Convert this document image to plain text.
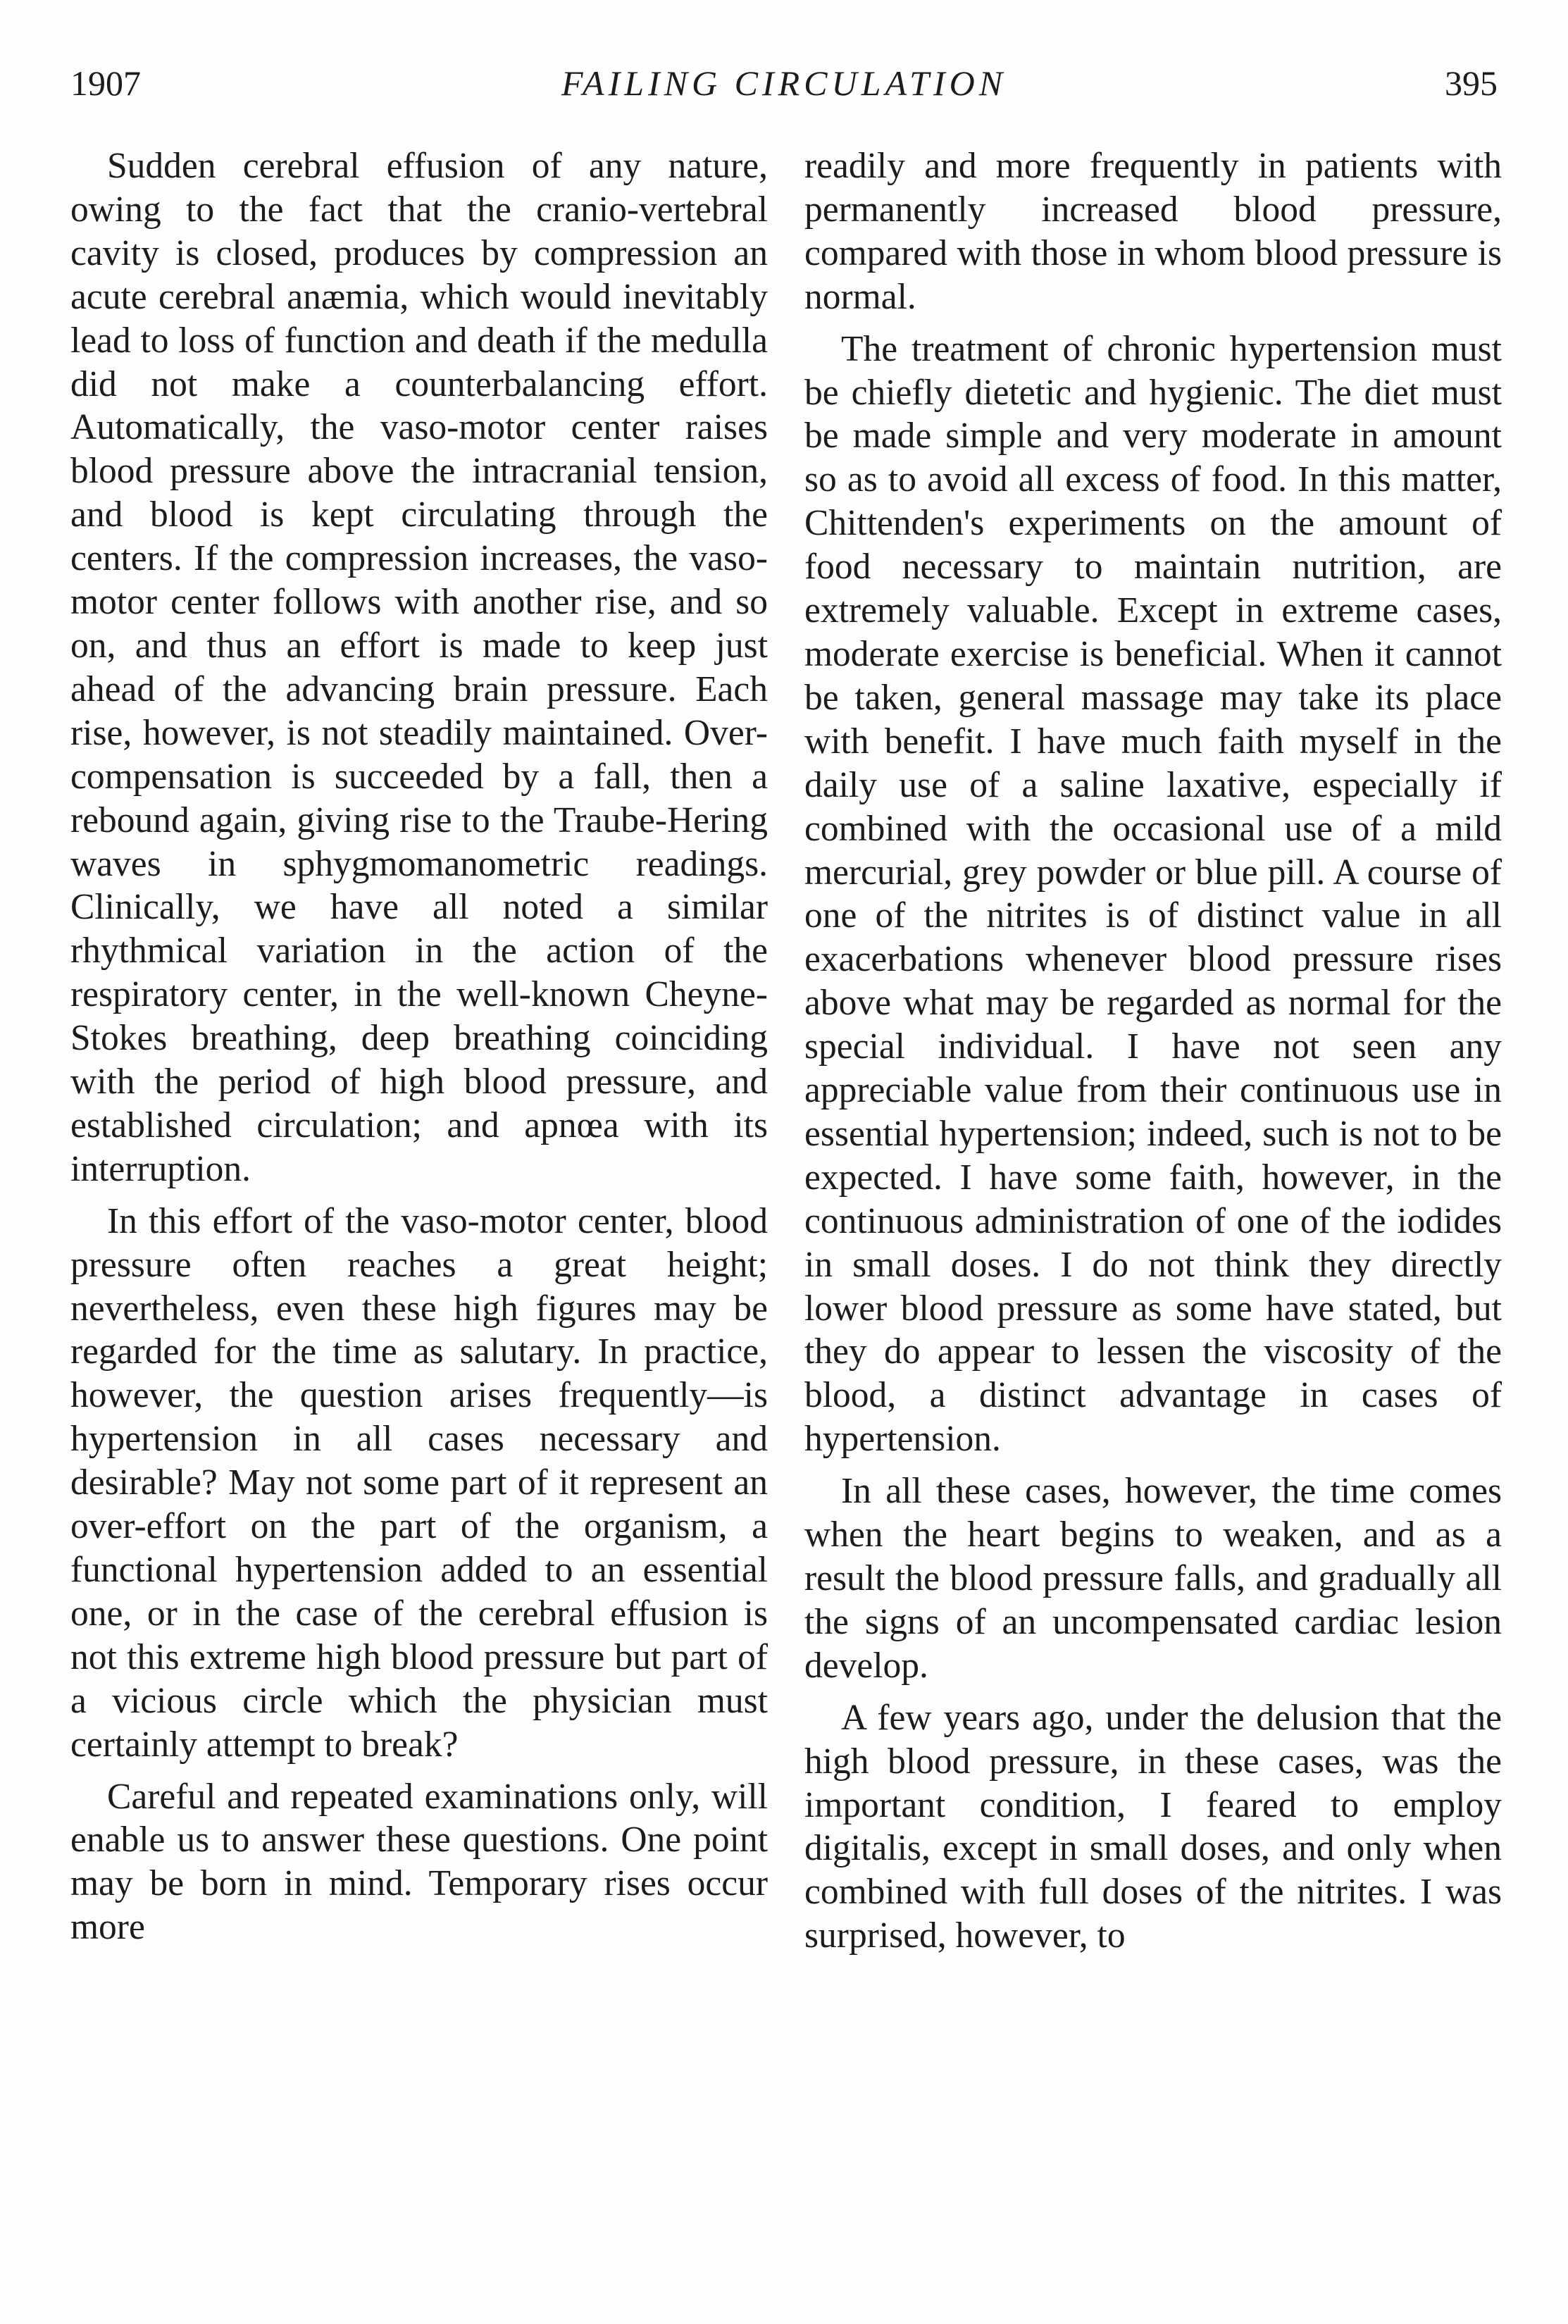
1907	FAILING CIRCULATION	395

Sudden cerebral effusion of any nature, owing to the fact that the cranio-vertebral cavity is closed, produces by compression an acute cerebral anæmia, which would inevitably lead to loss of function and death if the medulla did not make a counterbalancing effort. Automatically, the vaso-motor center raises blood pressure above the intracranial tension, and blood is kept circulating through the centers. If the compression increases, the vaso-motor center follows with another rise, and so on, and thus an effort is made to keep just ahead of the advancing brain pressure. Each rise, however, is not steadily maintained. Over-compensation is succeeded by a fall, then a rebound again, giving rise to the Traube-Hering waves in sphygmomanometric readings. Clinically, we have all noted a similar rhythmical variation in the action of the respiratory center, in the well-known Cheyne-Stokes breathing, deep breathing coinciding with the period of high blood pressure, and established circulation; and apnœa with its interruption.

In this effort of the vaso-motor center, blood pressure often reaches a great height; nevertheless, even these high figures may be regarded for the time as salutary. In practice, however, the question arises frequently—is hypertension in all cases necessary and desirable? May not some part of it represent an over-effort on the part of the organism, a functional hypertension added to an essential one, or in the case of the cerebral effusion is not this extreme high blood pressure but part of a vicious circle which the physician must certainly attempt to break?

Careful and repeated examinations only, will enable us to answer these questions. One point may be born in mind. Temporary rises occur more

readily and more frequently in patients with permanently increased blood pressure, compared with those in whom blood pressure is normal.

The treatment of chronic hypertension must be chiefly dietetic and hygienic. The diet must be made simple and very moderate in amount so as to avoid all excess of food. In this matter, Chittenden's experiments on the amount of food necessary to maintain nutrition, are extremely valuable. Except in extreme cases, moderate exercise is beneficial. When it cannot be taken, general massage may take its place with benefit. I have much faith myself in the daily use of a saline laxative, especially if combined with the occasional use of a mild mercurial, grey powder or blue pill. A course of one of the nitrites is of distinct value in all exacerbations whenever blood pressure rises above what may be regarded as normal for the special individual. I have not seen any appreciable value from their continuous use in essential hypertension; indeed, such is not to be expected. I have some faith, however, in the continuous administration of one of the iodides in small doses. I do not think they directly lower blood pressure as some have stated, but they do appear to lessen the viscosity of the blood, a distinct advantage in cases of hypertension.

In all these cases, however, the time comes when the heart begins to weaken, and as a result the blood pressure falls, and gradually all the signs of an uncompensated cardiac lesion develop.

A few years ago, under the delusion that the high blood pressure, in these cases, was the important condition, I feared to employ digitalis, except in small doses, and only when combined with full doses of the nitrites. I was surprised, however, to
